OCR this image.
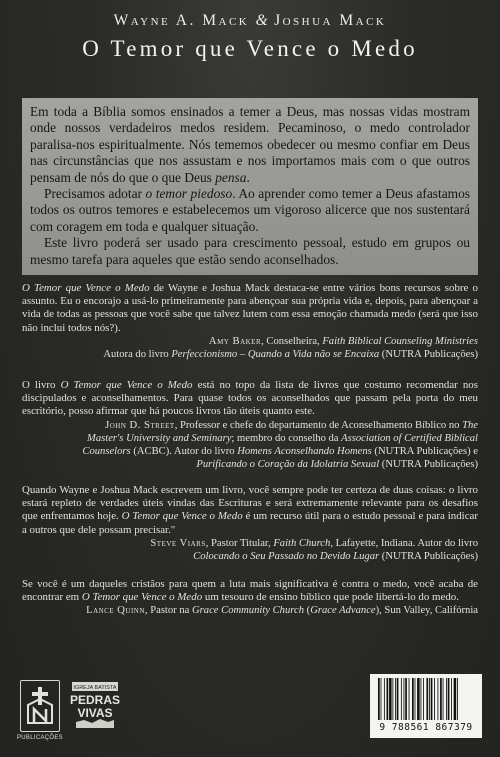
Wayne A. Mack & Joshua Mack
O Temor que Vence o Medo

Em toda a Bíblia somos ensinados a temer a Deus, mas nossas vidas mostram onde nossos verdadeiros medos residem. Pecaminoso, o medo controlador paralisa-nos espiritualmente. Nós tememos obedecer ou mesmo confiar em Deus nas circunstâncias que nos assustam e nos importamos mais com o que outros pensam de nós do que o que Deus pensa.

Precisamos adotar o temor piedoso. Ao aprender como temer a Deus afastamos todos os outros temores e estabelecemos um vigoroso alicerce que nos sustentará com coragem em toda e qualquer situação.

Este livro poderá ser usado para crescimento pessoal, estudo em grupos ou mesmo tarefa para aqueles que estão sendo aconselhados.

O Temor que Vence o Medo de Wayne e Joshua Mack destaca-se entre vários bons recursos sobre o assunto. Eu o encorajo a usá-lo primeiramente para abençoar sua própria vida e, depois, para abençoar a vida de todas as pessoas que você sabe que talvez lutem com essa emoção chamada medo (será que isso não inclui todos nós?).
Amy Baker, Conselheira, Faith Biblical Counseling Ministries
Autora do livro Perfeccionismo – Quando a Vida não se Encaixa (NUTRA Publicações)
O livro O Temor que Vence o Medo está no topo da lista de livros que costumo recomendar nos discipulados e aconselhamentos. Para quase todos os aconselhados que passam pela porta do meu escritório, posso afirmar que há poucos livros tão úteis quanto este.
John D. Street, Professor e chefe do departamento de Aconselhamento Bíblico no The Master's University and Seminary; membro do conselho da Association of Certified Biblical Counselors (ACBC). Autor do livro Homens Aconselhando Homens (NUTRA Publicações) e Purificando o Coração da Idolatria Sexual (NUTRA Publicações)
Quando Wayne e Joshua Mack escrevem um livro, você sempre pode ter certeza de duas coisas: o livro estará repleto de verdades úteis vindas das Escrituras e será extremamente relevante para os desafios que enfrentamos hoje. O Temor que Vence o Medo é um recurso útil para o estudo pessoal e para indicar a outros que dele possam precisar."
Steve Viars, Pastor Titular, Faith Church, Lafayette, Indiana. Autor do livro Colocando o Seu Passado no Devido Lugar (NUTRA Publicações)
Se você é um daqueles cristãos para quem a luta mais significativa é contra o medo, você acaba de encontrar em O Temor que Vence o Medo um tesouro de ensino bíblico que pode libertá-lo do medo.
Lance Quinn, Pastor na Grace Community Church (Grace Advance), Sun Valley, Califórnia
PUBLICAÇÕES
IGREJA BATISTA
PEDRAS
VIVAS
9 788561 867379
